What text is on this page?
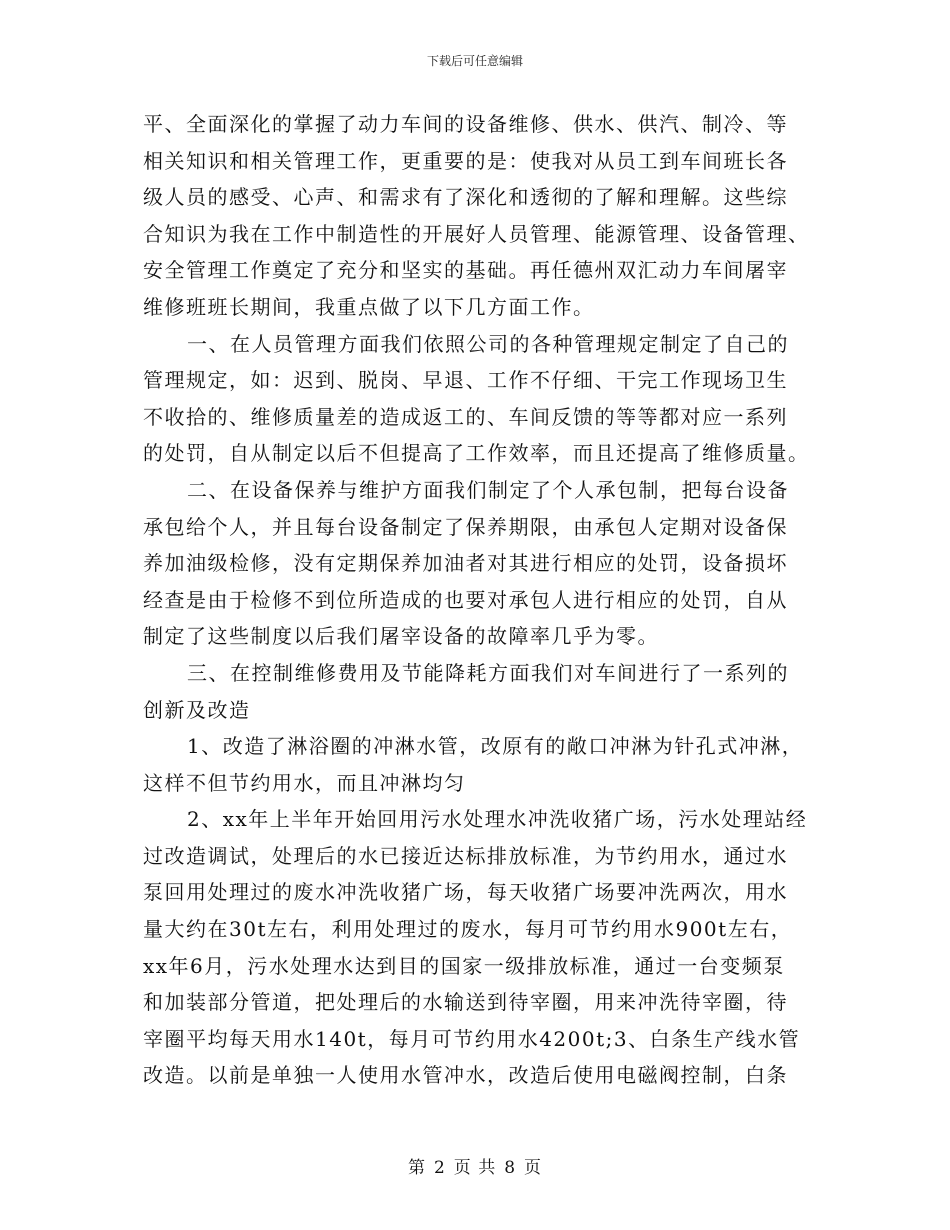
下载后可任意编辑
平、全面深化的掌握了动力车间的设备维修、供水、供汽、制冷、等
相关知识和相关管理工作，更重要的是：使我对从员工到车间班长各
级人员的感受、心声、和需求有了深化和透彻的了解和理解。这些综
合知识为我在工作中制造性的开展好人员管理、能源管理、设备管理、
安全管理工作奠定了充分和坚实的基础。再任德州双汇动力车间屠宰
维修班班长期间，我重点做了以下几方面工作。
一、在人员管理方面我们依照公司的各种管理规定制定了自己的
管理规定，如：迟到、脱岗、早退、工作不仔细、干完工作现场卫生
不收拾的、维修质量差的造成返工的、车间反馈的等等都对应一系列
的处罚，自从制定以后不但提高了工作效率，而且还提高了维修质量。
二、在设备保养与维护方面我们制定了个人承包制，把每台设备
承包给个人，并且每台设备制定了保养期限，由承包人定期对设备保
养加油级检修，没有定期保养加油者对其进行相应的处罚，设备损坏
经查是由于检修不到位所造成的也要对承包人进行相应的处罚，自从
制定了这些制度以后我们屠宰设备的故障率几乎为零。
三、在控制维修费用及节能降耗方面我们对车间进行了一系列的
创新及改造
1、改造了淋浴圈的冲淋水管，改原有的敞口冲淋为针孔式冲淋，
这样不但节约用水，而且冲淋均匀
2、xx年上半年开始回用污水处理水冲洗收猪广场，污水处理站经
过改造调试，处理后的水已接近达标排放标准，为节约用水，通过水
泵回用处理过的废水冲洗收猪广场，每天收猪广场要冲洗两次，用水
量大约在30t左右，利用处理过的废水，每月可节约用水900t左右，
xx年6月，污水处理水达到目的国家一级排放标准，通过一台变频泵
和加装部分管道，把处理后的水输送到待宰圈，用来冲洗待宰圈，待
宰圈平均每天用水140t，每月可节约用水4200t;3、白条生产线水管
改造。以前是单独一人使用水管冲水，改造后使用电磁阀控制，白条
第 2 页 共 8 页
